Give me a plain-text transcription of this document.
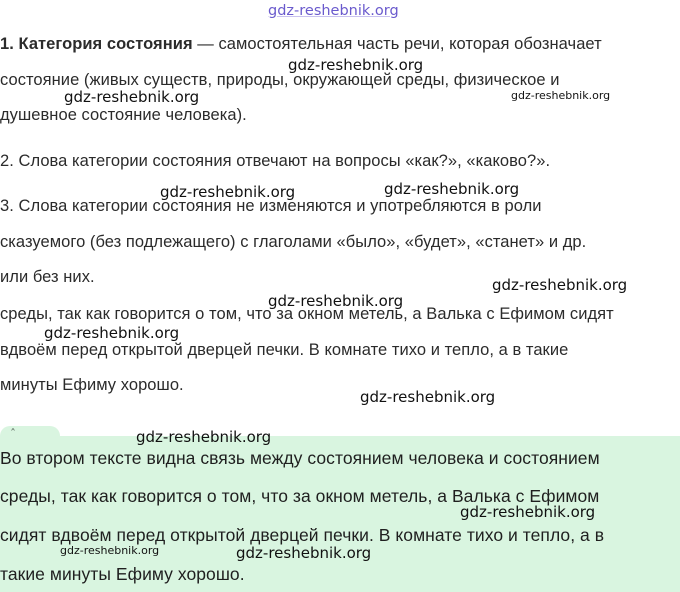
gdz-reshebnik.org

1. Категория состояния — самостоятельная часть речи, которая обозначает

состояние (живых существ, природы, окружающей среды, физическое и

душевное состояние человека).

2. Слова категории состояния отвечают на вопросы «как?», «каково?».

3. Слова категории состояния не изменяются и употребляются в роли

сказуемого (без подлежащего) с глаголами «было», «будет», «станет» и др.

или без них.

среды, так как говорится о том, что за окном метель, а Валька с Ефимом сидят

вдвоём перед открытой дверцей печки. В комнате тихо и тепло, а в такие

минуты Ефиму хорошо.

ˆ

Во втором тексте видна связь между состоянием человека и состоянием

среды, так как говорится о том, что за окном метель, а Валька с Ефимом

сидят вдвоём перед открытой дверцей печки. В комнате тихо и тепло, а в

такие минуты Ефиму хорошо.

gdz-reshebnik.org
gdz-reshebnik.org	gdz-reshebnik.org
gdz-reshebnik.org	gdz-reshebnik.org
gdz-reshebnik.org
gdz-reshebnik.org
gdz-reshebnik.org
gdz-reshebnik.org
gdz-reshebnik.org
gdz-reshebnik.org
gdz-reshebnik.org	gdz-reshebnik.org
